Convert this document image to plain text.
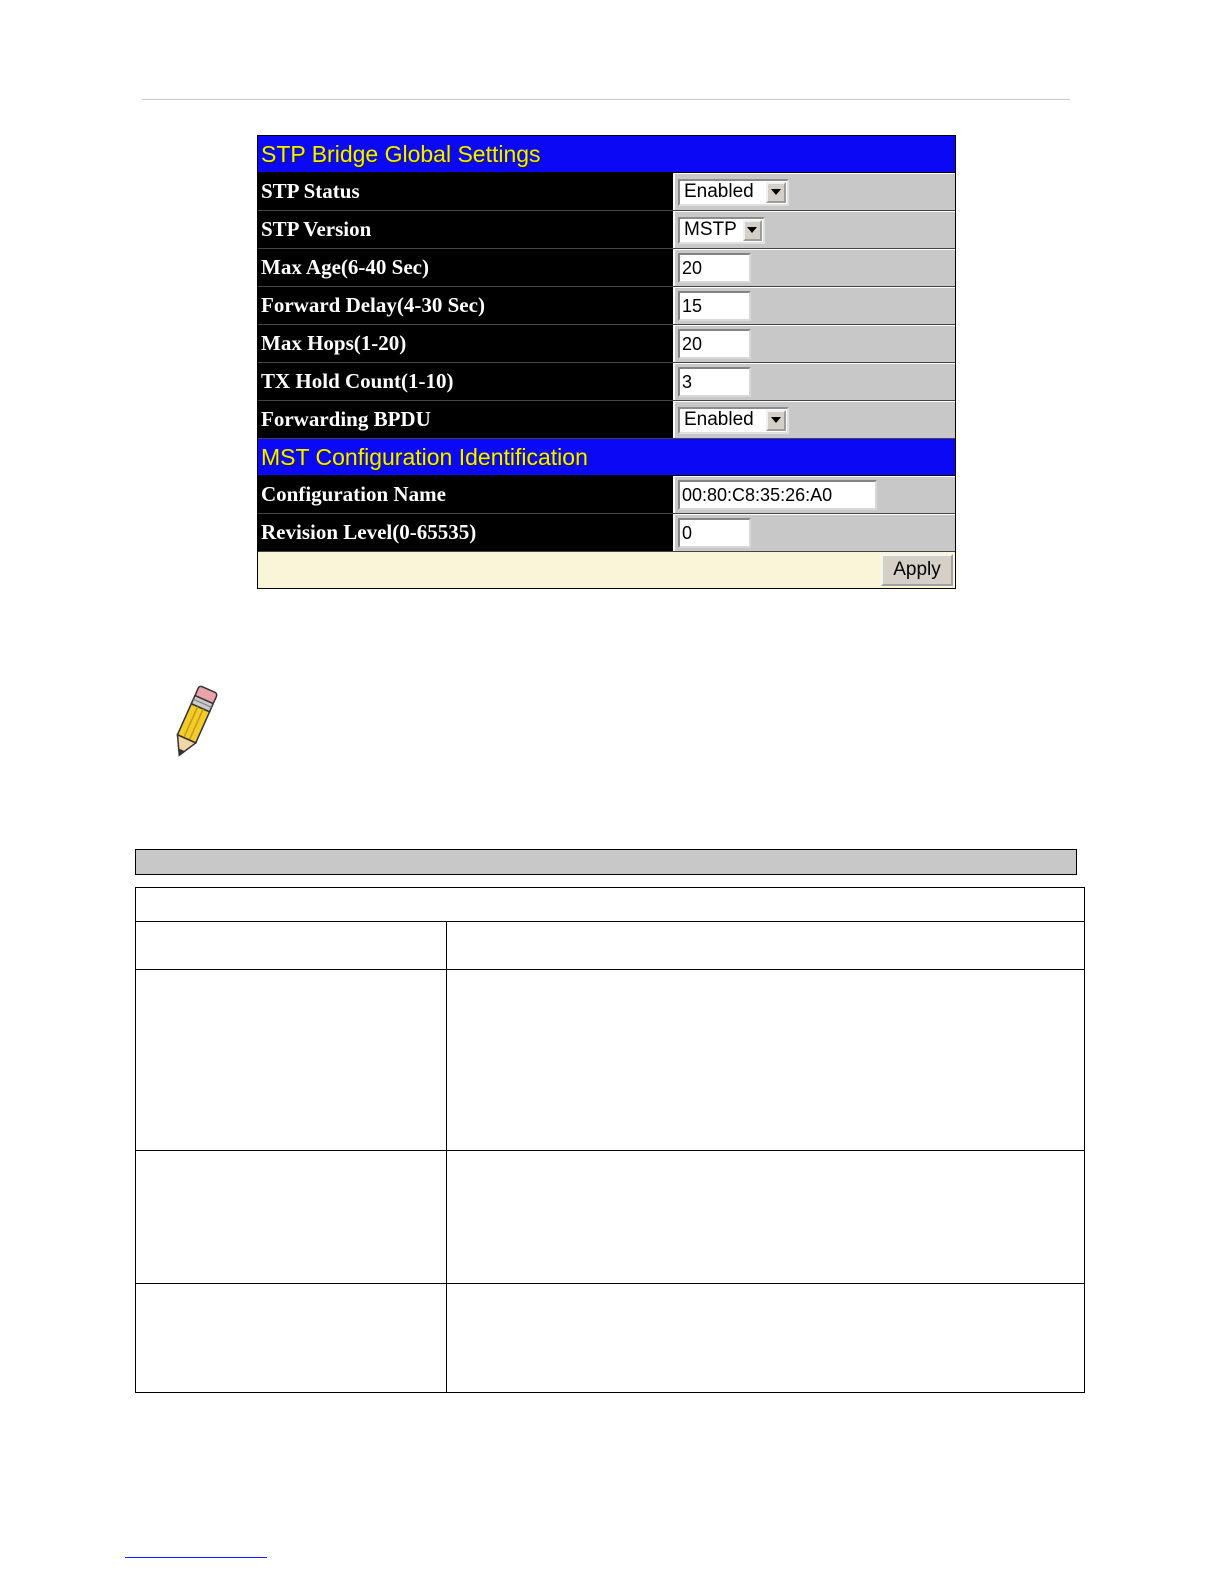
STP Bridge Global Settings
STP Status	Enabled
STP Version	MSTP
Max Age(6-40 Sec)	20
Forward Delay(4-30 Sec)	15
Max Hops(1-20)	20
TX Hold Count(1-10)	3
Forwarding BPDU	Enabled
MST Configuration Identification
Configuration Name	00:80:C8:35:26:A0
Revision Level(0-65535)	0
Apply
